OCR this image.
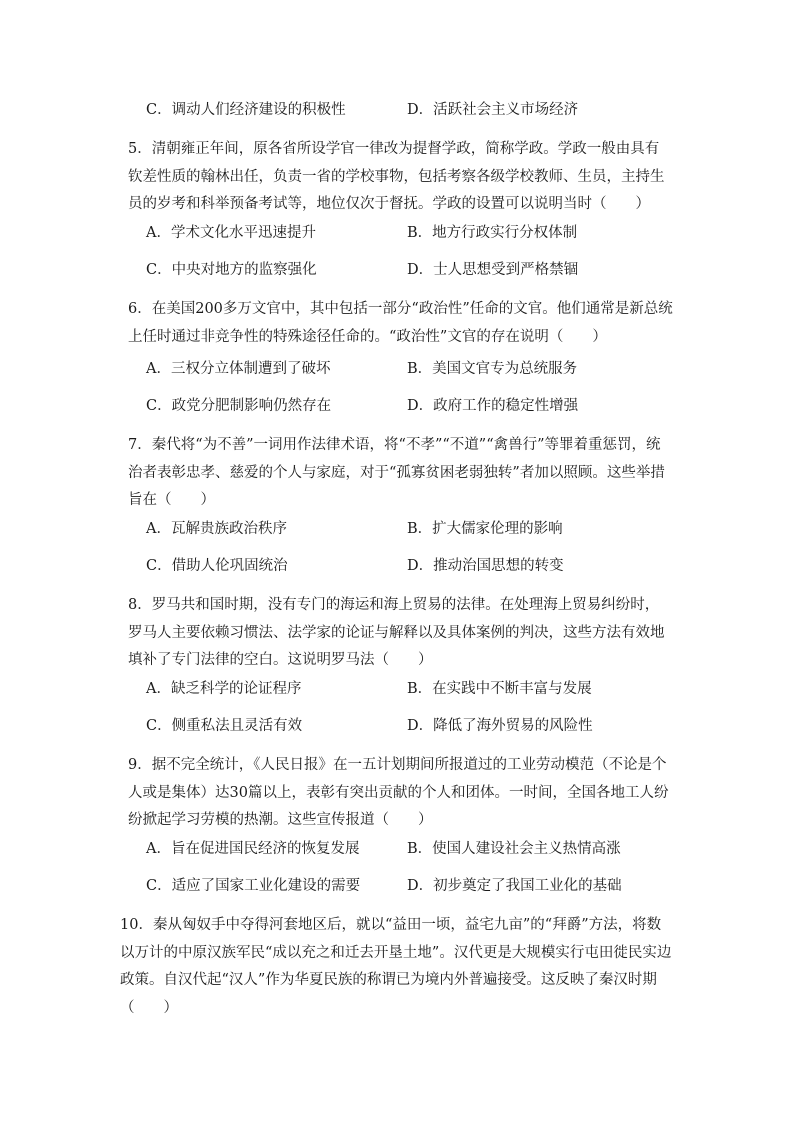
C．调动人们经济建设的积极性	D．活跃社会主义市场经济
5．清朝雍正年间，原各省所设学官一律改为提督学政，简称学政。学政一般由具有钦差性质的翰林出任，负责一省的学校事物，包括考察各级学校教师、生员，主持生员的岁考和科举预备考试等，地位仅次于督抚。学政的设置可以说明当时（　　）
A．学术文化水平迅速提升	B．地方行政实行分权体制
C．中央对地方的监察强化	D．士人思想受到严格禁锢
6．在美国200多万文官中，其中包括一部分“政治性”任命的文官。他们通常是新总统上任时通过非竞争性的特殊途径任命的。“政治性”文官的存在说明（　　）
A．三权分立体制遭到了破坏	B．美国文官专为总统服务
C．政党分肥制影响仍然存在	D．政府工作的稳定性增强
7．秦代将“为不善”一词用作法律术语，将“不孝”“不道”“禽兽行”等罪着重惩罚，统治者表彰忠孝、慈爱的个人与家庭，对于“孤寡贫困老弱独转”者加以照顾。这些举措旨在（　　）
A．瓦解贵族政治秩序	B．扩大儒家伦理的影响
C．借助人伦巩固统治	D．推动治国思想的转变
8．罗马共和国时期，没有专门的海运和海上贸易的法律。在处理海上贸易纠纷时，罗马人主要依赖习惯法、法学家的论证与解释以及具体案例的判决，这些方法有效地填补了专门法律的空白。这说明罗马法（　　）
A．缺乏科学的论证程序	B．在实践中不断丰富与发展
C．侧重私法且灵活有效	D．降低了海外贸易的风险性
9．据不完全统计，《人民日报》在一五计划期间所报道过的工业劳动模范（不论是个人或是集体）达30篇以上，表彰有突出贡献的个人和团体。一时间，全国各地工人纷纷掀起学习劳模的热潮。这些宣传报道（　　）
A．旨在促进国民经济的恢复发展	B．使国人建设社会主义热情高涨
C．适应了国家工业化建设的需要	D．初步奠定了我国工业化的基础
10．秦从匈奴手中夺得河套地区后，就以“益田一顷，益宅九亩”的“拜爵”方法，将数以万计的中原汉族军民“成以充之和迁去开垦土地”。汉代更是大规模实行屯田徙民实边政策。自汉代起“汉人”作为华夏民族的称谓已为境内外普遍接受。这反映了秦汉时期（　　）
